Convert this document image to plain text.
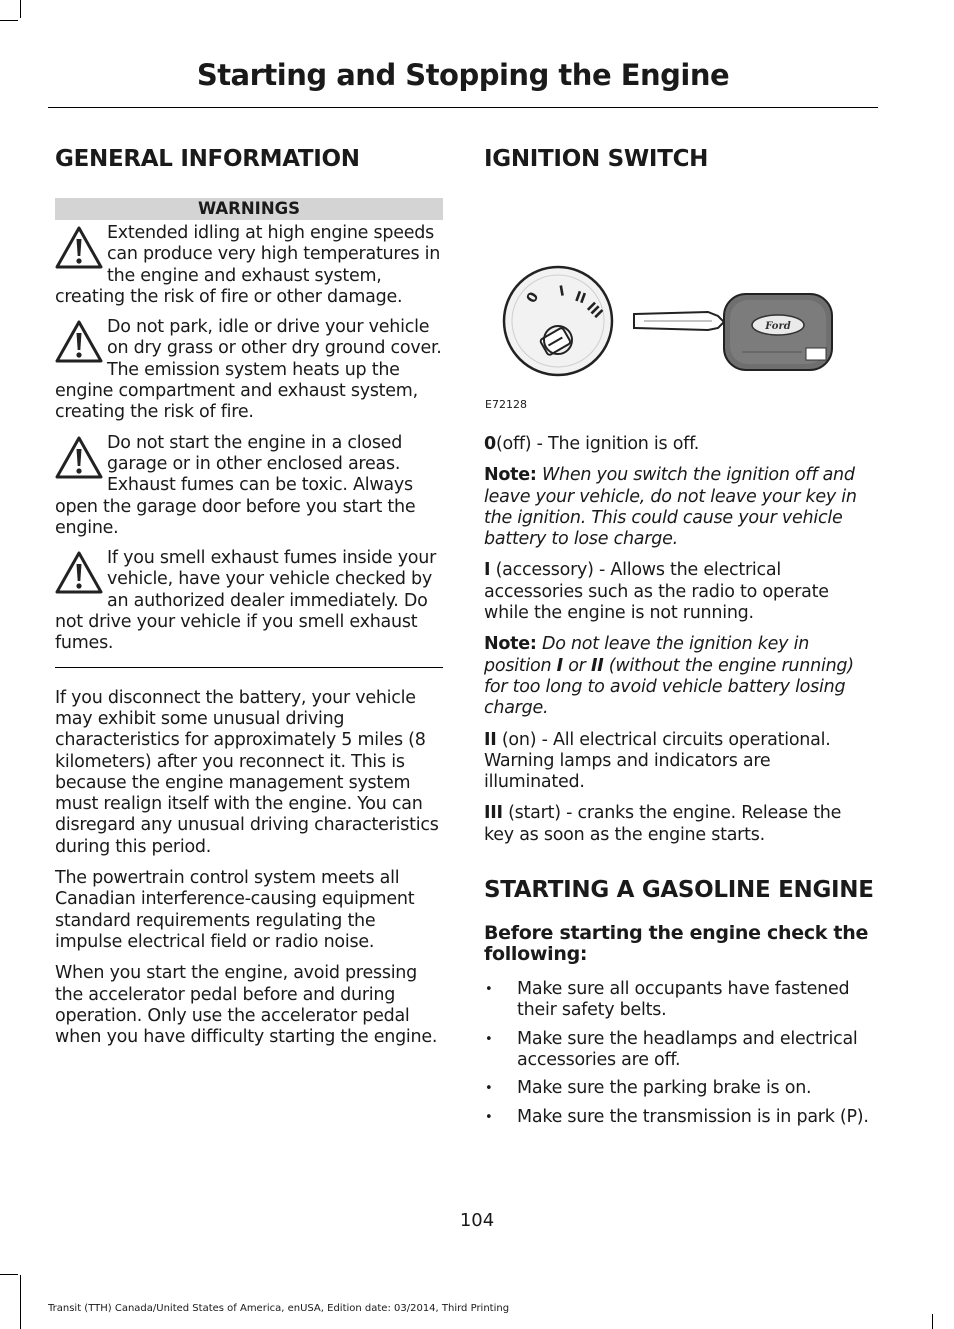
Starting and Stopping the Engine
GENERAL INFORMATION
WARNINGS
Extended idling at high engine speeds can produce very high temperatures in the engine and exhaust system, creating the risk of fire or other damage.
Do not park, idle or drive your vehicle on dry grass or other dry ground cover. The emission system heats up the engine compartment and exhaust system, creating the risk of fire.
Do not start the engine in a closed garage or in other enclosed areas. Exhaust fumes can be toxic. Always open the garage door before you start the engine.
If you smell exhaust fumes inside your vehicle, have your vehicle checked by an authorized dealer immediately. Do not drive your vehicle if you smell exhaust fumes.

If you disconnect the battery, your vehicle may exhibit some unusual driving characteristics for approximately 5 miles (8 kilometers) after you reconnect it. This is because the engine management system must realign itself with the engine. You can disregard any unusual driving characteristics during this period.

The powertrain control system meets all Canadian interference-causing equipment standard requirements regulating the impulse electrical field or radio noise.

When you start the engine, avoid pressing the accelerator pedal before and during operation. Only use the accelerator pedal when you have difficulty starting the engine.

IGNITION SWITCH
0 I II
III
Ford
E72128

0(off) - The ignition is off.

Note: When you switch the ignition off and leave your vehicle, do not leave your key in the ignition. This could cause your vehicle battery to lose charge.

I (accessory) - Allows the electrical accessories such as the radio to operate while the engine is not running.

Note: Do not leave the ignition key in position I or II (without the engine running) for too long to avoid vehicle battery losing charge.

II (on) - All electrical circuits operational. Warning lamps and indicators are illuminated.

III (start) - cranks the engine. Release the key as soon as the engine starts.

STARTING A GASOLINE ENGINE
Before starting the engine check the following:
• Make sure all occupants have fastened their safety belts.
• Make sure the headlamps and electrical accessories are off.
• Make sure the parking brake is on.
• Make sure the transmission is in park (P).
104
Transit (TTH) Canada/United States of America, enUSA, Edition date: 03/2014, Third Printing
